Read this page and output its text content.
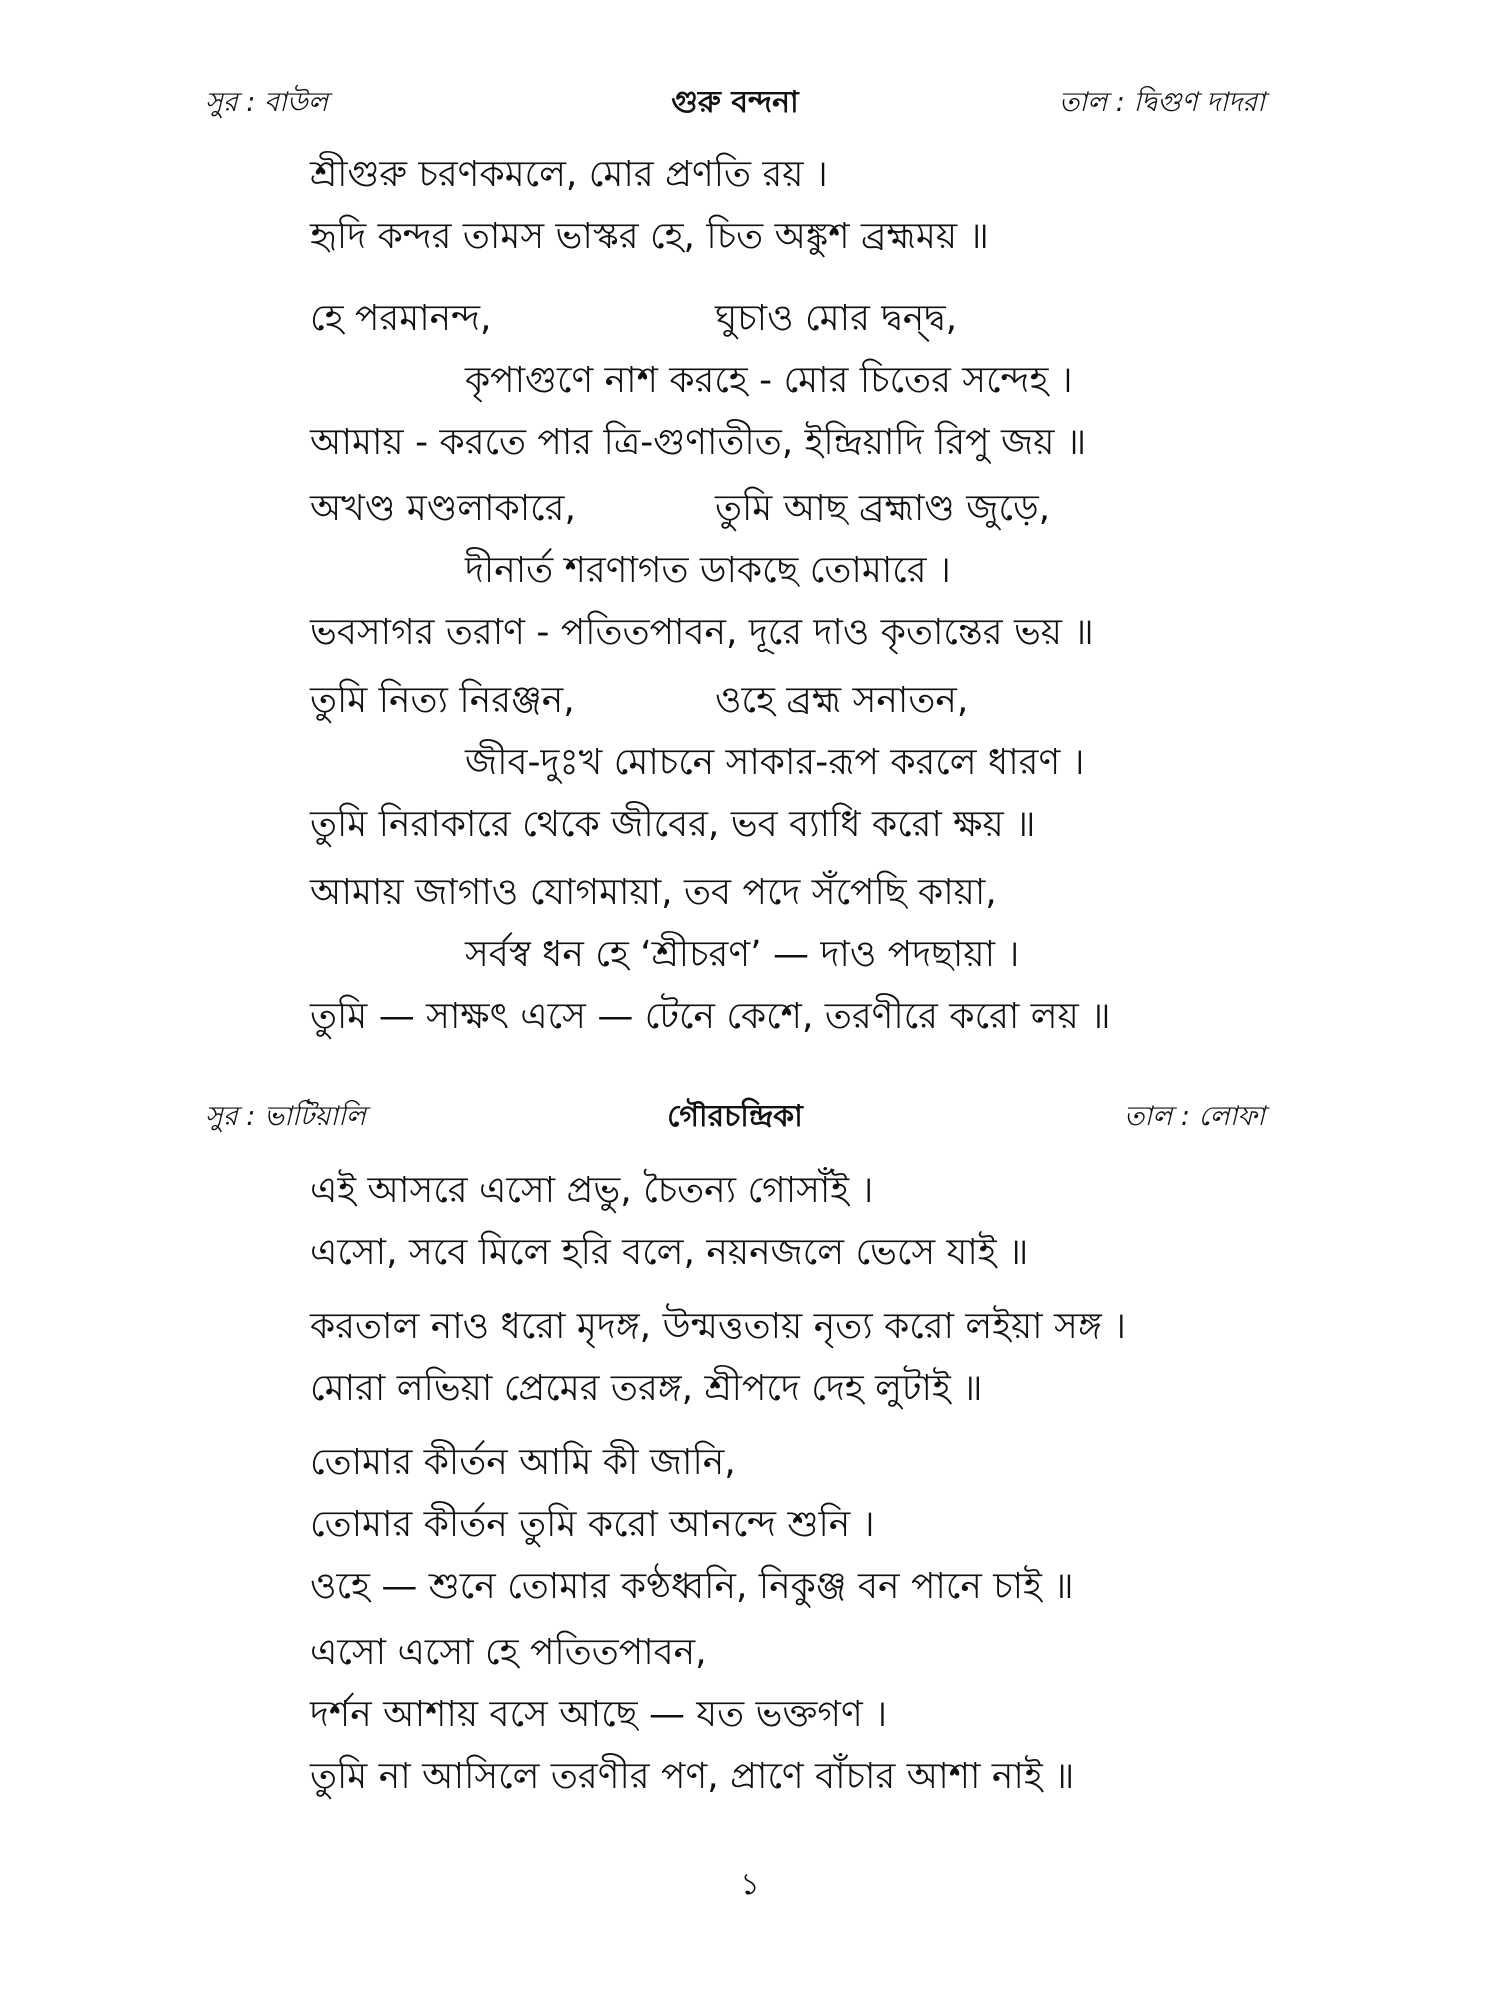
সুর : বাউল	গুরু বন্দনা	তাল : দ্বিগুণ দাদরা
শ্রীগুরু চরণকমলে, মোর প্রণতি রয় ।
হৃদি কন্দর তামস ভাস্কর হে, চিত অঙ্কুশ ব্রহ্মময় ॥
হে পরমানন্দ,	ঘুচাও মোর দ্বন্দ্ব,
কৃপাগুণে নাশ করহে - মোর চিতের সন্দেহ ।
আমায় - করতে পার ত্রি-গুণাতীত, ইন্দ্রিয়াদি রিপু জয় ॥
অখণ্ড মণ্ডলাকারে,	তুমি আছ ব্রহ্মাণ্ড জুড়ে,
দীনার্ত শরণাগত ডাকছে তোমারে ।
ভবসাগর তরাণ - পতিতপাবন, দূরে দাও কৃতান্তের ভয় ॥
তুমি নিত্য নিরঞ্জন,	ওহে ব্রহ্ম সনাতন,
জীব-দুঃখ মোচনে সাকার-রূপ করলে ধারণ ।
তুমি নিরাকারে থেকে জীবের, ভব ব্যাধি করো ক্ষয় ॥
আমায় জাগাও যোগমায়া, তব পদে সঁপেছি কায়া,
সর্বস্ব ধন হে ‘শ্রীচরণ’ — দাও পদছায়া ।
তুমি — সাক্ষৎ এসে — টেনে কেশে, তরণীরে করো লয় ॥
সুর : ভাটিয়ালি	গৌরচন্দ্রিকা	তাল : লোফা
এই আসরে এসো প্রভু, চৈতন্য গোসাঁই ।
এসো, সবে মিলে হরি বলে, নয়নজলে ভেসে যাই ॥
করতাল নাও ধরো মৃদঙ্গ, উন্মত্ততায় নৃত্য করো লইয়া সঙ্গ ।
মোরা লভিয়া প্রেমের তরঙ্গ, শ্রীপদে দেহ লুটাই ॥
তোমার কীর্তন আমি কী জানি,
তোমার কীর্তন তুমি করো আনন্দে শুনি ।
ওহে — শুনে তোমার কণ্ঠধ্বনি, নিকুঞ্জ বন পানে চাই ॥
এসো এসো হে পতিতপাবন,
দর্শন আশায় বসে আছে — যত ভক্তগণ ।
তুমি না আসিলে তরণীর পণ, প্রাণে বাঁচার আশা নাই ॥
১
